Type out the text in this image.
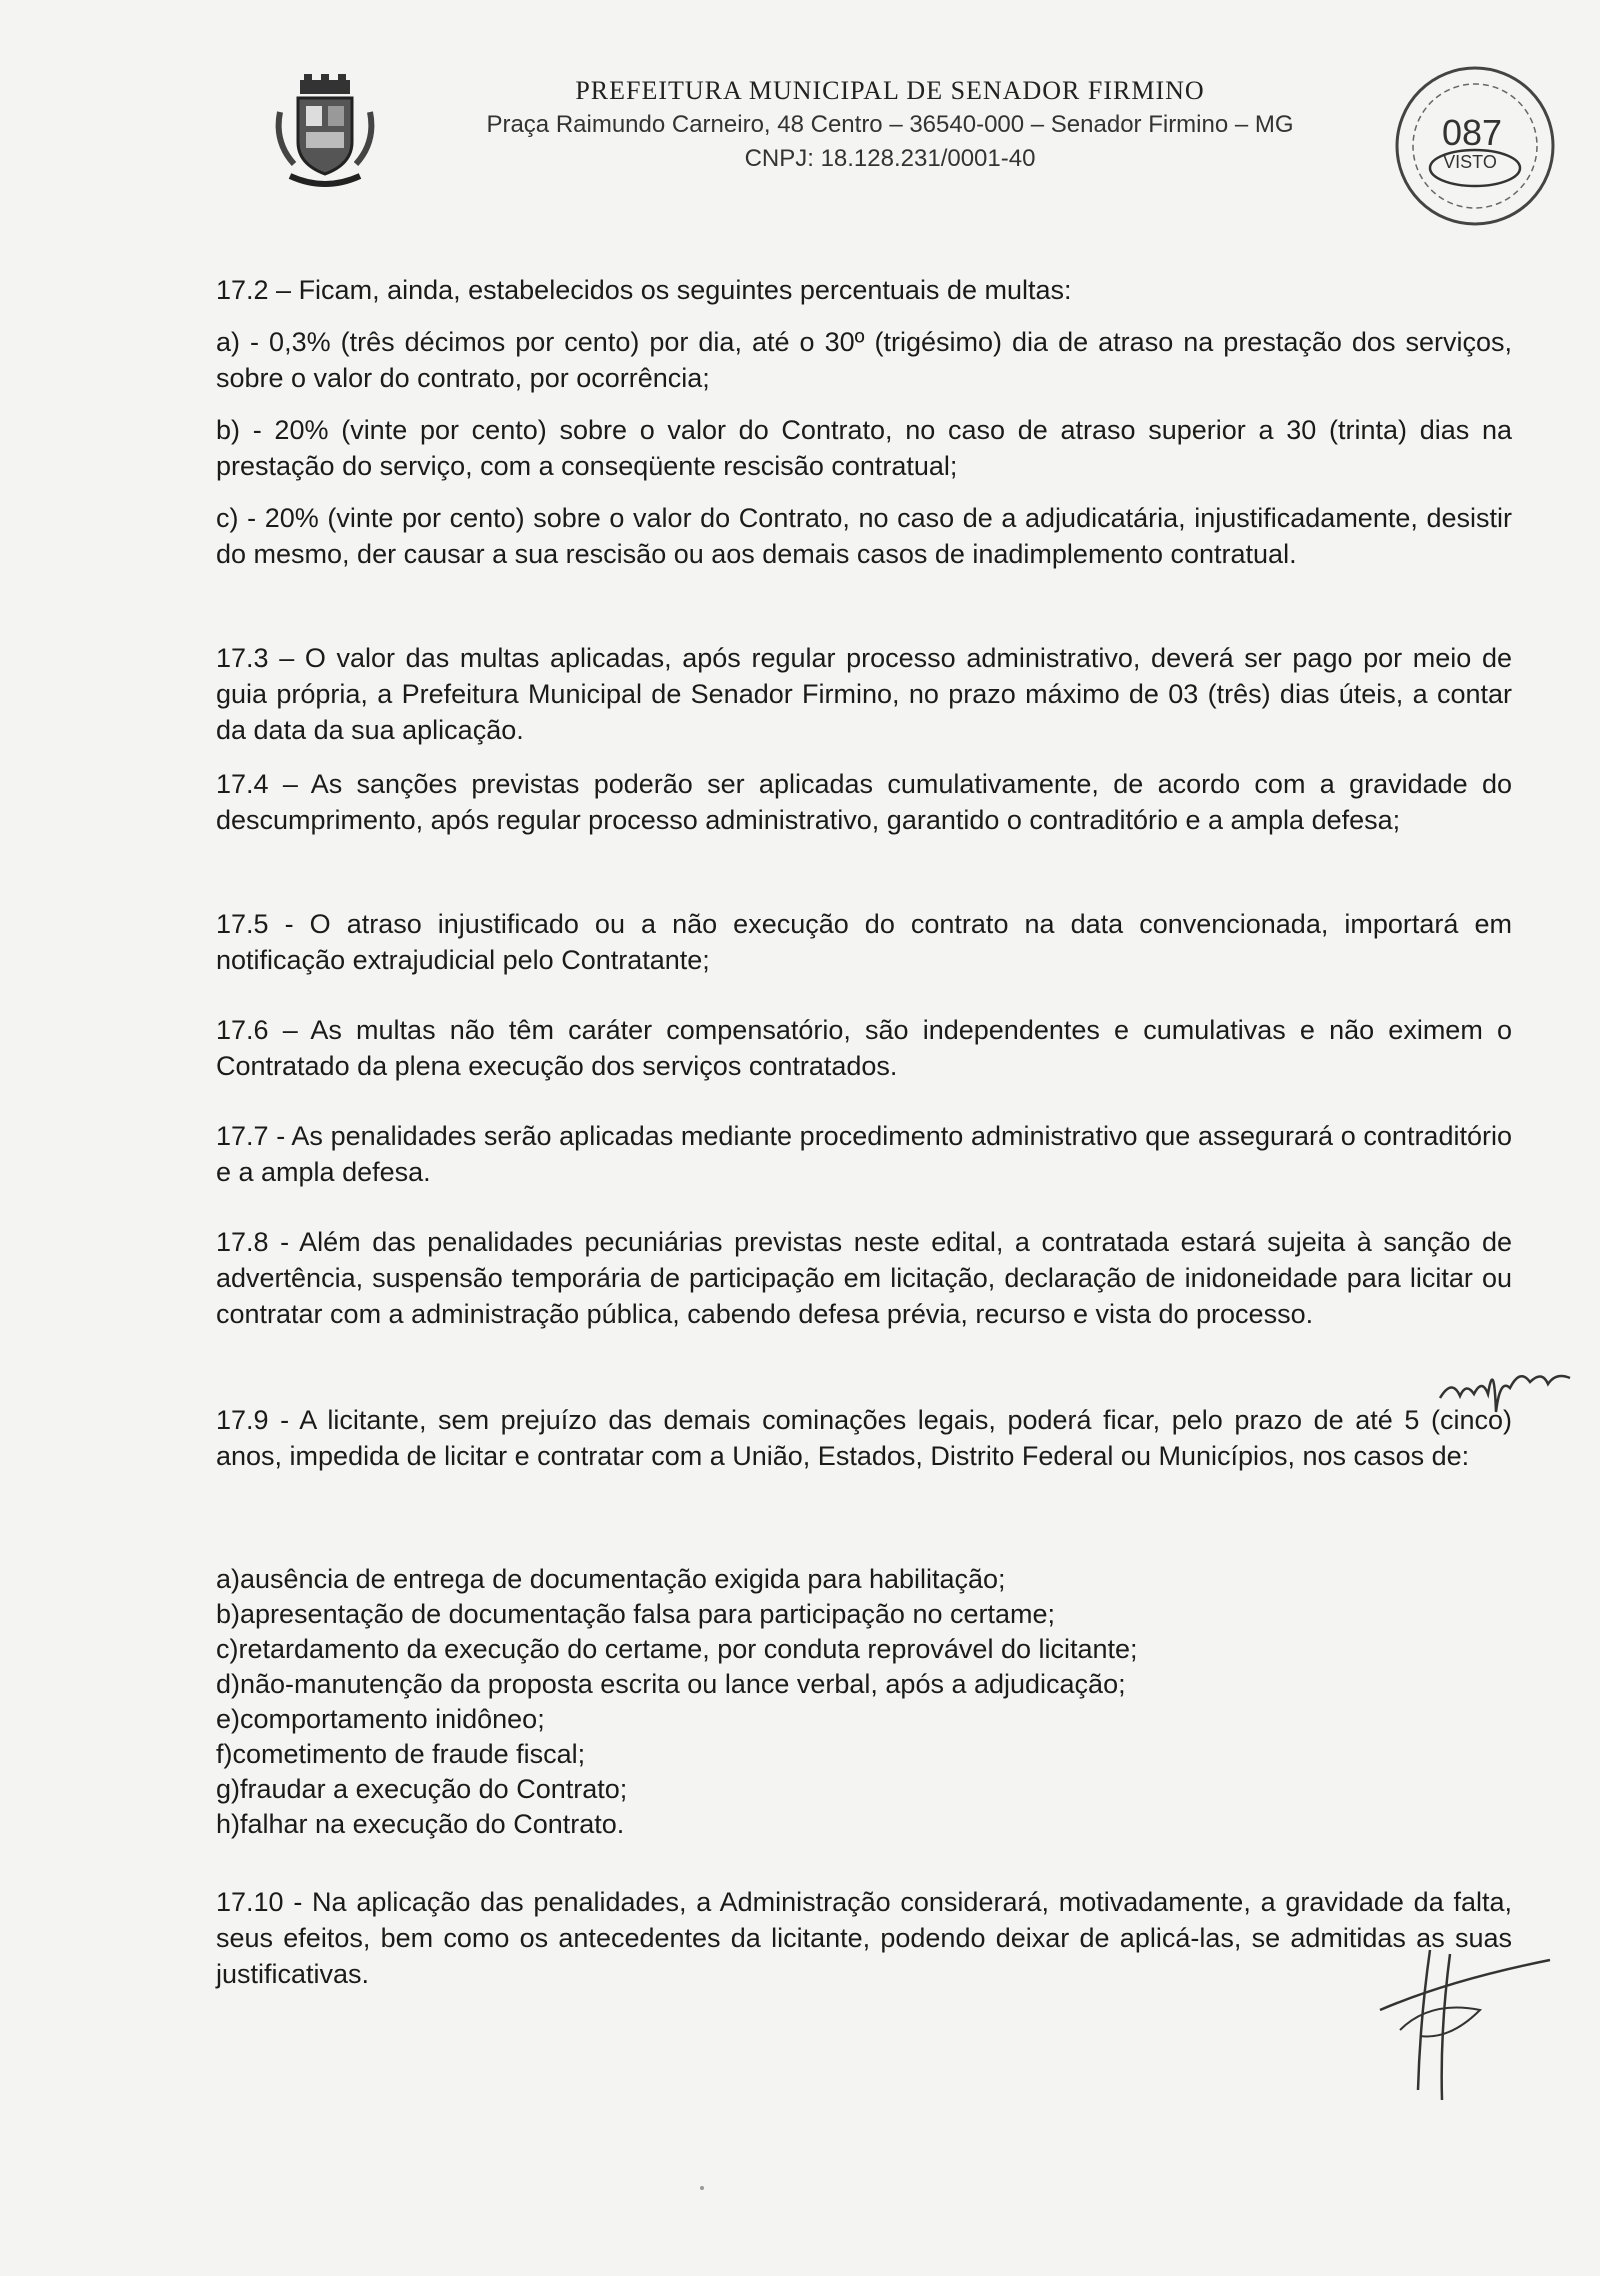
PREFEITURA MUNICIPAL DE SENADOR FIRMINO
Praça Raimundo Carneiro, 48 Centro – 36540-000 – Senador Firmino – MG
CNPJ: 18.128.231/0001-40
087
VISTO

17.2 – Ficam, ainda, estabelecidos os seguintes percentuais de multas:

a) - 0,3% (três décimos por cento) por dia, até o 30º (trigésimo) dia de atraso na prestação dos serviços, sobre o valor do contrato, por ocorrência;

b) - 20% (vinte por cento) sobre o valor do Contrato, no caso de atraso superior a 30 (trinta) dias na prestação do serviço, com a conseqüente rescisão contratual;

c) - 20% (vinte por cento) sobre o valor do Contrato, no caso de a adjudicatária, injustificadamente, desistir do mesmo, der causar a sua rescisão ou aos demais casos de inadimplemento contratual.

17.3 – O valor das multas aplicadas, após regular processo administrativo, deverá ser pago por meio de guia própria, a Prefeitura Municipal de Senador Firmino, no prazo máximo de 03 (três) dias úteis, a contar da data da sua aplicação.

17.4 – As sanções previstas poderão ser aplicadas cumulativamente, de acordo com a gravidade do descumprimento, após regular processo administrativo, garantido o contraditório e a ampla defesa;

17.5 - O atraso injustificado ou a não execução do contrato na data convencionada, importará em notificação extrajudicial pelo Contratante;

17.6 – As multas não têm caráter compensatório, são independentes e cumulativas e não eximem o Contratado da plena execução dos serviços contratados.

17.7 - As penalidades serão aplicadas mediante procedimento administrativo que assegurará o contraditório e a ampla defesa.

17.8 - Além das penalidades pecuniárias previstas neste edital, a contratada estará sujeita à sanção de advertência, suspensão temporária de participação em licitação, declaração de inidoneidade para licitar ou contratar com a administração pública, cabendo defesa prévia, recurso e vista do processo.

17.9 - A licitante, sem prejuízo das demais cominações legais, poderá ficar, pelo prazo de até 5 (cinco) anos, impedida de licitar e contratar com a União, Estados, Distrito Federal ou Municípios, nos casos de:

a)ausência de entrega de documentação exigida para habilitação;

b)apresentação de documentação falsa para participação no certame;

c)retardamento da execução do certame, por conduta reprovável do licitante;

d)não-manutenção da proposta escrita ou lance verbal, após a adjudicação;

e)comportamento inidôneo;

f)cometimento de fraude fiscal;

g)fraudar a execução do Contrato;

h)falhar na execução do Contrato.

17.10 - Na aplicação das penalidades, a Administração considerará, motivadamente, a gravidade da falta, seus efeitos, bem como os antecedentes da licitante, podendo deixar de aplicá-las, se admitidas as suas justificativas.
